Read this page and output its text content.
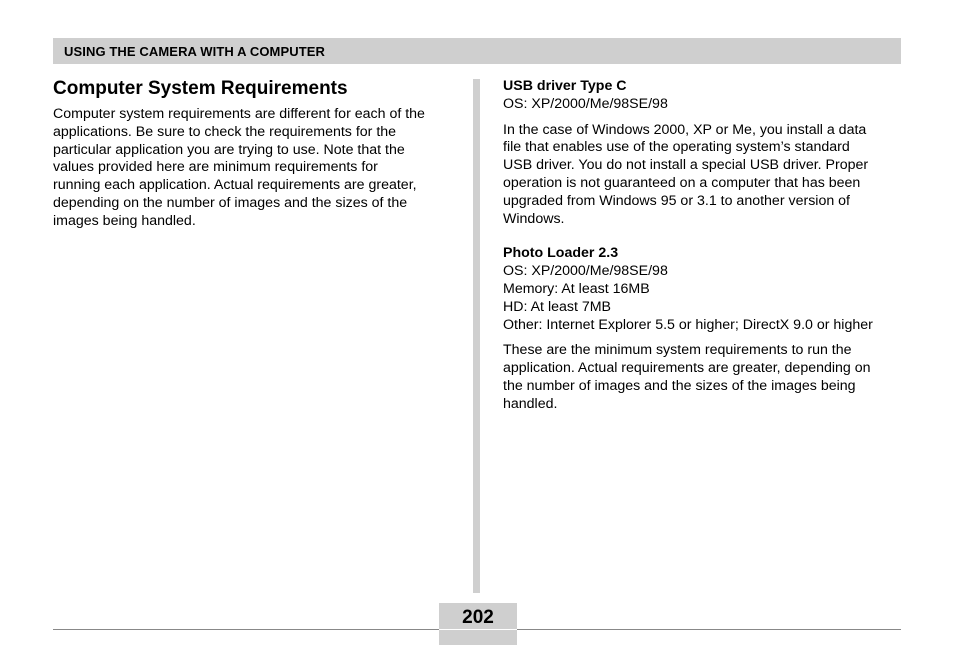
USING THE CAMERA WITH A COMPUTER
Computer System Requirements

Computer system requirements are different for each of the
applications. Be sure to check the requirements for the
particular application you are trying to use. Note that the
values provided here are minimum requirements for
running each application. Actual requirements are greater,
depending on the number of images and the sizes of the
images being handled.

USB driver Type C

OS: XP/2000/Me/98SE/98

In the case of Windows 2000, XP or Me, you install a data
file that enables use of the operating system’s standard
USB driver. You do not install a special USB driver. Proper
operation is not guaranteed on a computer that has been
upgraded from Windows 95 or 3.1 to another version of
Windows.

Photo Loader 2.3

OS: XP/2000/Me/98SE/98

Memory: At least 16MB

HD: At least 7MB

Other: Internet Explorer 5.5 or higher; DirectX 9.0 or higher

These are the minimum system requirements to run the
application. Actual requirements are greater, depending on
the number of images and the sizes of the images being
handled.

202
